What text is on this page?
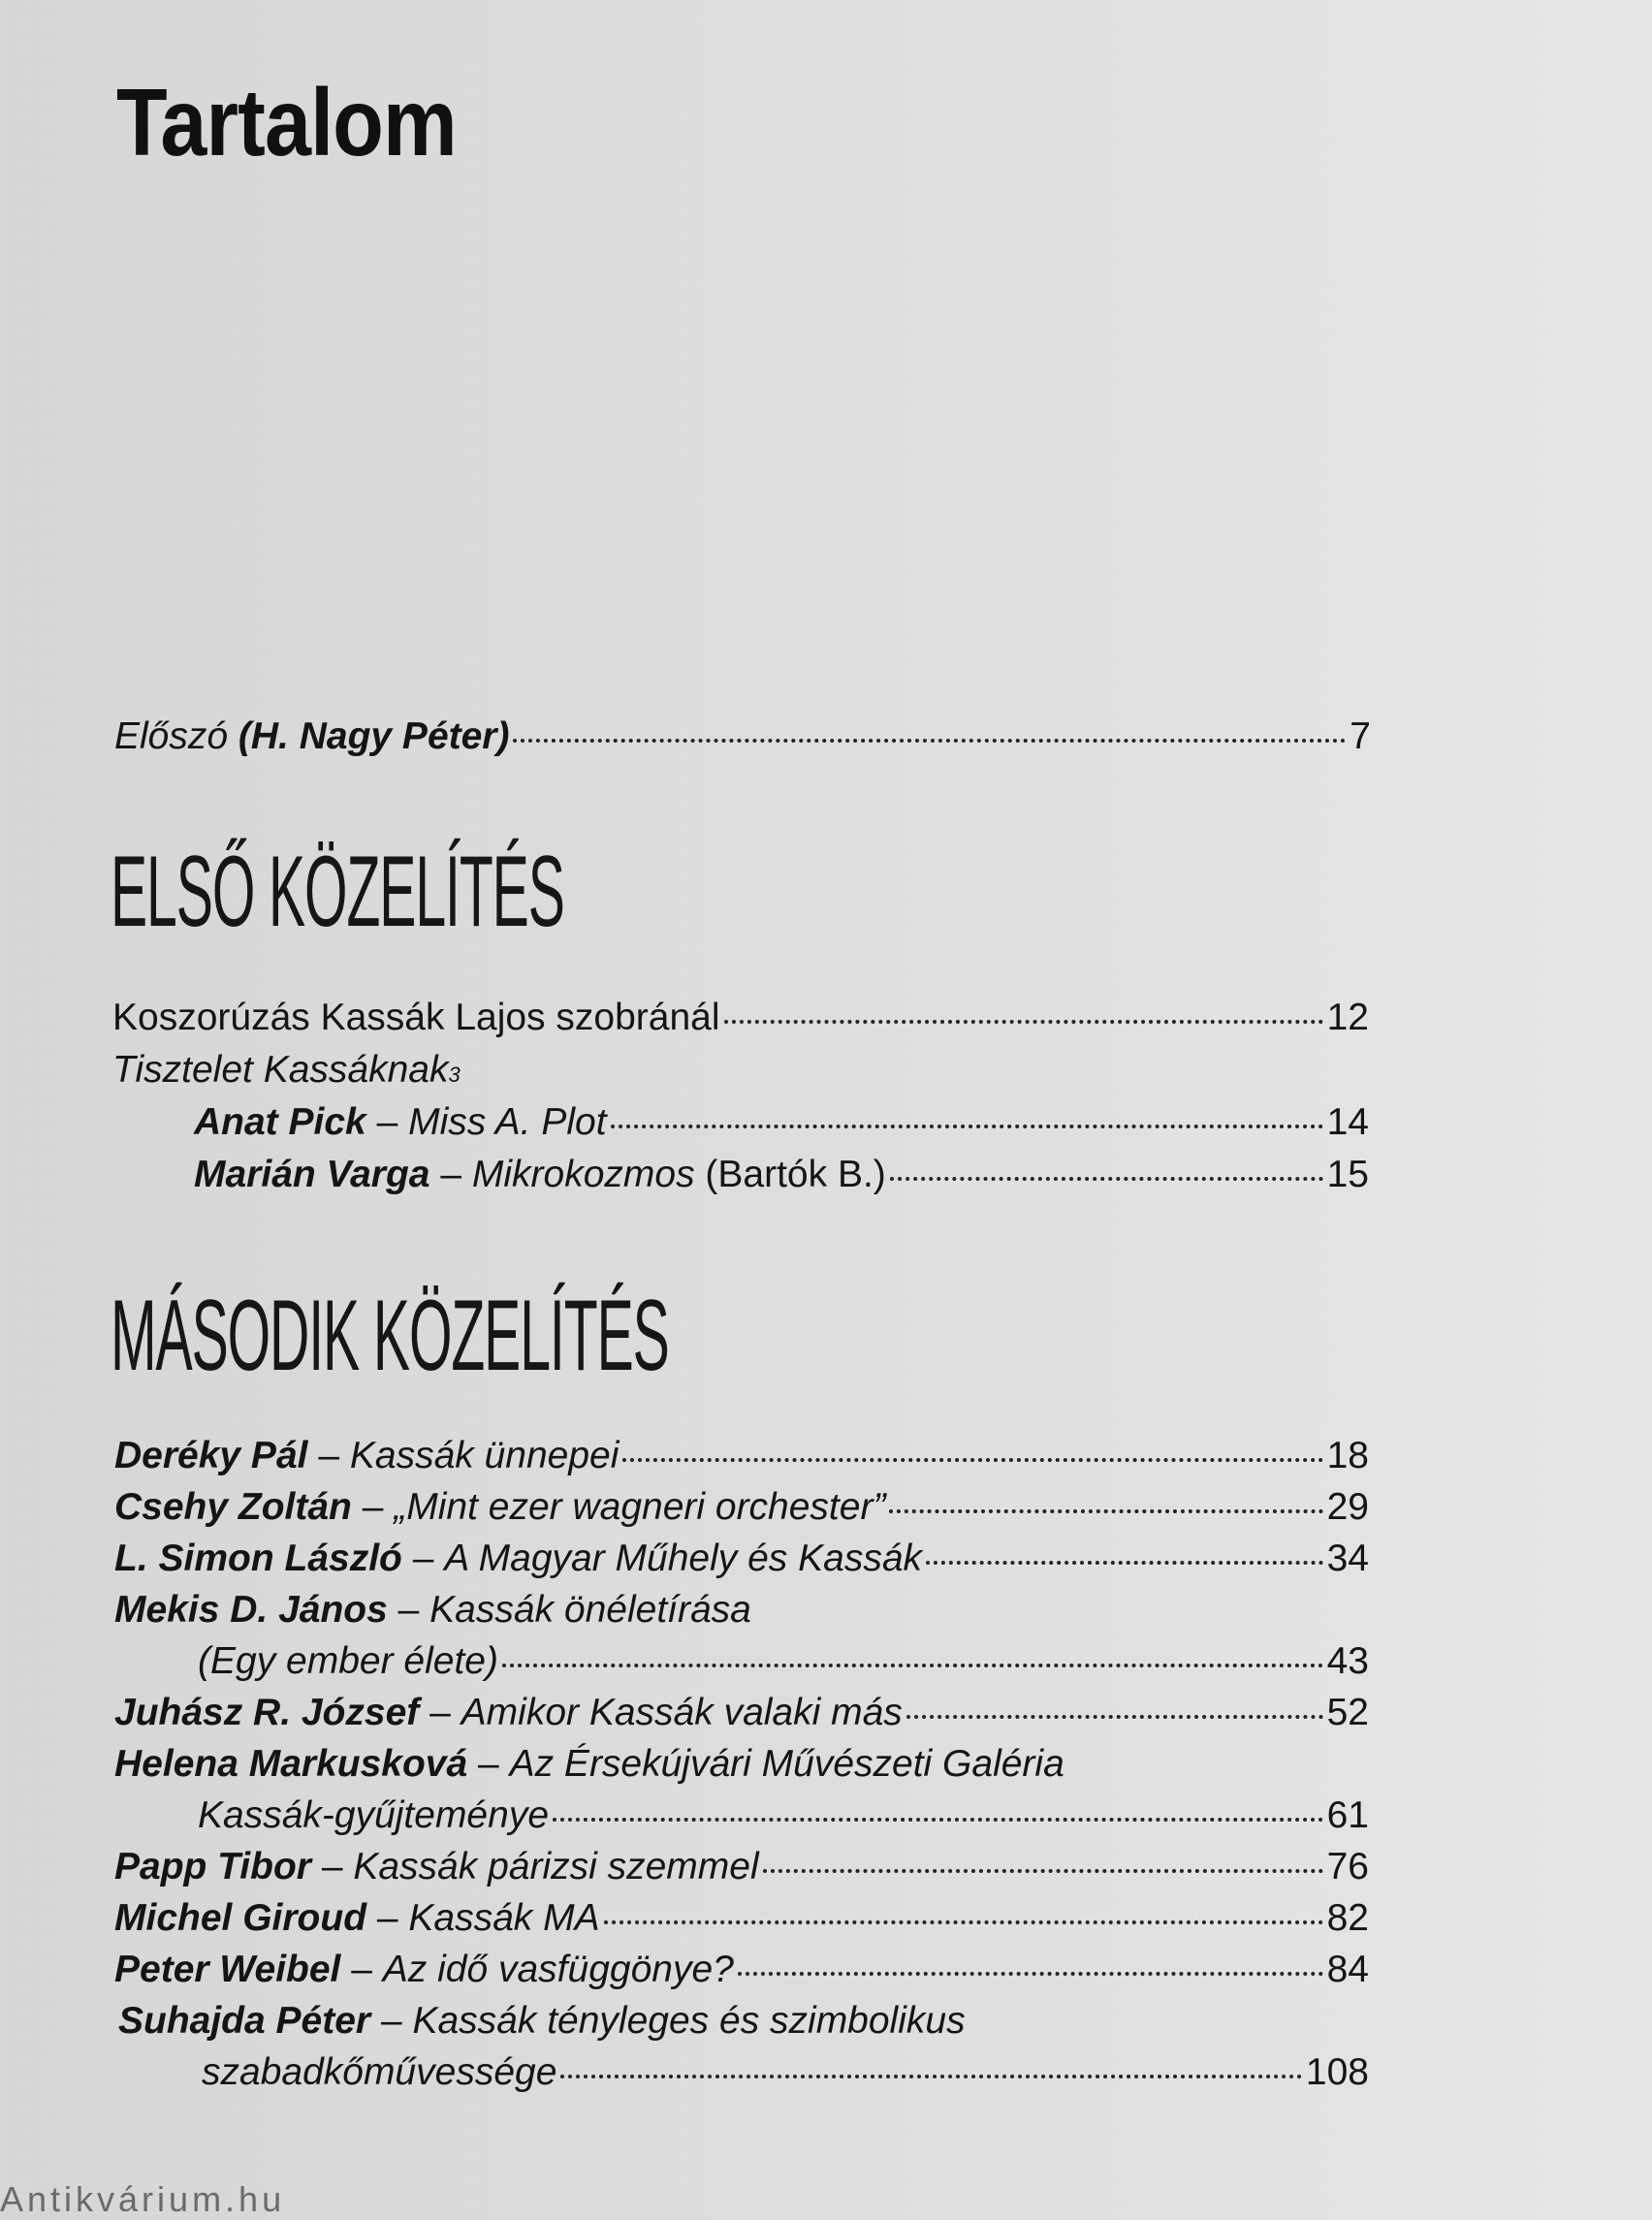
Tartalom
Előszó (H. Nagy Péter)	7
ELSŐ KÖZELÍTÉS
Koszorúzás Kassák Lajos szobránál	12
Tisztelet Kassáknak 3
Anat Pick – Miss A. Plot	14
Marián Varga – Mikrokozmos (Bartók B.)	15
MÁSODIK KÖZELÍTÉS
Deréky Pál – Kassák ünnepei	18
Csehy Zoltán – „Mint ezer wagneri orchester”	29
L. Simon László – A Magyar Műhely és Kassák	34
Mekis D. János – Kassák önéletírása
(Egy ember élete)	43
Juhász R. József – Amikor Kassák valaki más	52
Helena Markusková – Az Érsekújvári Művészeti Galéria
Kassák-gyűjteménye	61
Papp Tibor – Kassák párizsi szemmel	76
Michel Giroud – Kassák MA	82
Peter Weibel – Az idő vasfüggönye?	84
Suhajda Péter – Kassák tényleges és szimbolikus
szabadkőművessége	108
Antikvárium.hu
